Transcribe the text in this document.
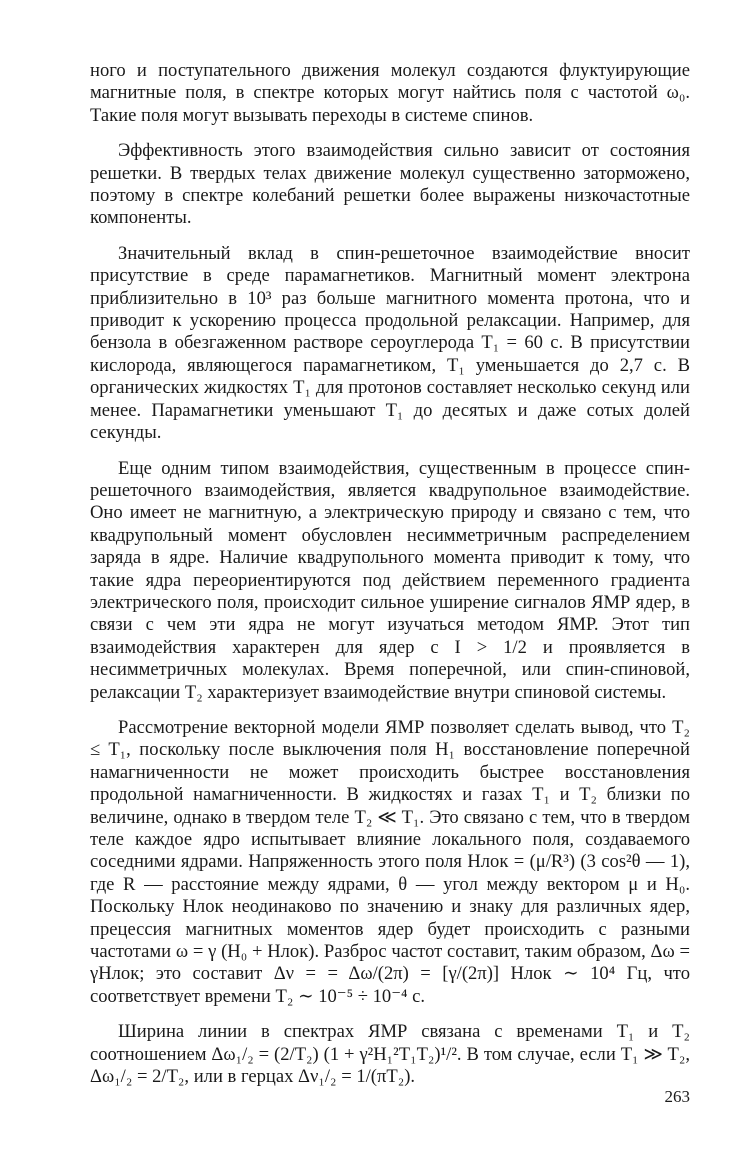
ного и поступательного движения молекул создаются флуктуирующие магнитные поля, в спектре которых могут найтись поля с частотой ω₀. Такие поля могут вызывать переходы в системе спинов.

Эффективность этого взаимодействия сильно зависит от состояния решетки. В твердых телах движение молекул существенно заторможено, поэтому в спектре колебаний решетки более выражены низкочастотные компоненты.

Значительный вклад в спин-решеточное взаимодействие вносит присутствие в среде парамагнетиков. Магнитный момент электрона приблизительно в 10³ раз больше магнитного момента протона, что и приводит к ускорению процесса продольной релаксации. Например, для бензола в обезгаженном растворе сероуглерода T₁ = 60 с. В присутствии кислорода, являющегося парамагнетиком, T₁ уменьшается до 2,7 с. В органических жидкостях T₁ для протонов составляет несколько секунд или менее. Парамагнетики уменьшают T₁ до десятых и даже сотых долей секунды.

Еще одним типом взаимодействия, существенным в процессе спин-решеточного взаимодействия, является квадрупольное взаимодействие. Оно имеет не магнитную, а электрическую природу и связано с тем, что квадрупольный момент обусловлен несимметричным распределением заряда в ядре. Наличие квадрупольного момента приводит к тому, что такие ядра переориентируются под действием переменного градиента электрического поля, происходит сильное уширение сигналов ЯМР ядер, в связи с чем эти ядра не могут изучаться методом ЯМР. Этот тип взаимодействия характерен для ядер с I > 1/2 и проявляется в несимметричных молекулах. Время поперечной, или спин-спиновой, релаксации T₂ характеризует взаимодействие внутри спиновой системы.

Рассмотрение векторной модели ЯМР позволяет сделать вывод, что T₂ ≤ T₁, поскольку после выключения поля H₁ восстановление поперечной намагниченности не может происходить быстрее восстановления продольной намагниченности. В жидкостях и газах T₁ и T₂ близки по величине, однако в твердом теле T₂ ≪ T₁. Это связано с тем, что в твердом теле каждое ядро испытывает влияние локального поля, создаваемого соседними ядрами. Напряженность этого поля Hлок = (μ/R³) (3 cos²θ — 1), где R — расстояние между ядрами, θ — угол между вектором μ и H₀. Поскольку Hлок неодинаково по значению и знаку для различных ядер, прецессия магнитных моментов ядер будет происходить с разными частотами ω = γ (H₀ + Hлок). Разброс частот составит, таким образом, Δω = γHлок; это составит Δν = = Δω/(2π) = [γ/(2π)] Hлок ∼ 10⁴ Гц, что соответствует времени T₂ ∼ 10⁻⁵ ÷ 10⁻⁴ с.

Ширина линии в спектрах ЯМР связана с временами T₁ и T₂ соотношением Δω₁/₂ = (2/T₂) (1 + γ²H₁²T₁T₂)¹/². В том случае, если T₁ ≫ T₂, Δω₁/₂ = 2/T₂, или в герцах Δν₁/₂ = 1/(πT₂).

263
